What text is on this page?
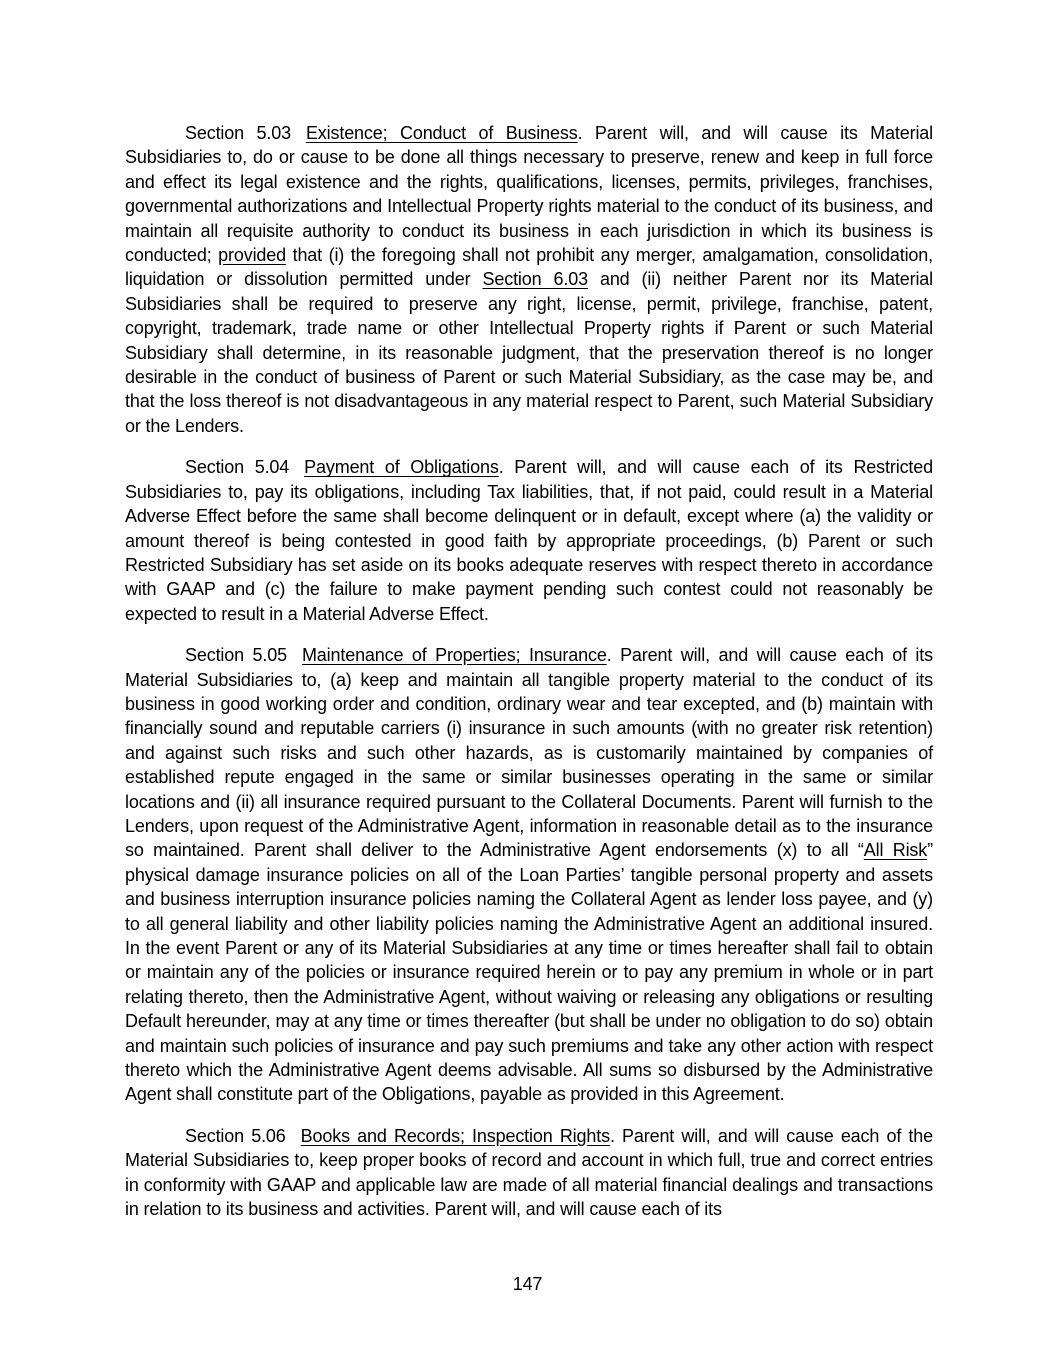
Section 5.03 Existence; Conduct of Business. Parent will, and will cause its Material Subsidiaries to, do or cause to be done all things necessary to preserve, renew and keep in full force and effect its legal existence and the rights, qualifications, licenses, permits, privileges, franchises, governmental authorizations and Intellectual Property rights material to the conduct of its business, and maintain all requisite authority to conduct its business in each jurisdiction in which its business is conducted; provided that (i) the foregoing shall not prohibit any merger, amalgamation, consolidation, liquidation or dissolution permitted under Section 6.03 and (ii) neither Parent nor its Material Subsidiaries shall be required to preserve any right, license, permit, privilege, franchise, patent, copyright, trademark, trade name or other Intellectual Property rights if Parent or such Material Subsidiary shall determine, in its reasonable judgment, that the preservation thereof is no longer desirable in the conduct of business of Parent or such Material Subsidiary, as the case may be, and that the loss thereof is not disadvantageous in any material respect to Parent, such Material Subsidiary or the Lenders.

Section 5.04 Payment of Obligations. Parent will, and will cause each of its Restricted Subsidiaries to, pay its obligations, including Tax liabilities, that, if not paid, could result in a Material Adverse Effect before the same shall become delinquent or in default, except where (a) the validity or amount thereof is being contested in good faith by appropriate proceedings, (b) Parent or such Restricted Subsidiary has set aside on its books adequate reserves with respect thereto in accordance with GAAP and (c) the failure to make payment pending such contest could not reasonably be expected to result in a Material Adverse Effect.

Section 5.05 Maintenance of Properties; Insurance. Parent will, and will cause each of its Material Subsidiaries to, (a) keep and maintain all tangible property material to the conduct of its business in good working order and condition, ordinary wear and tear excepted, and (b) maintain with financially sound and reputable carriers (i) insurance in such amounts (with no greater risk retention) and against such risks and such other hazards, as is customarily maintained by companies of established repute engaged in the same or similar businesses operating in the same or similar locations and (ii) all insurance required pursuant to the Collateral Documents. Parent will furnish to the Lenders, upon request of the Administrative Agent, information in reasonable detail as to the insurance so maintained. Parent shall deliver to the Administrative Agent endorsements (x) to all “All Risk” physical damage insurance policies on all of the Loan Parties’ tangible personal property and assets and business interruption insurance policies naming the Collateral Agent as lender loss payee, and (y) to all general liability and other liability policies naming the Administrative Agent an additional insured. In the event Parent or any of its Material Subsidiaries at any time or times hereafter shall fail to obtain or maintain any of the policies or insurance required herein or to pay any premium in whole or in part relating thereto, then the Administrative Agent, without waiving or releasing any obligations or resulting Default hereunder, may at any time or times thereafter (but shall be under no obligation to do so) obtain and maintain such policies of insurance and pay such premiums and take any other action with respect thereto which the Administrative Agent deems advisable. All sums so disbursed by the Administrative Agent shall constitute part of the Obligations, payable as provided in this Agreement.

Section 5.06 Books and Records; Inspection Rights. Parent will, and will cause each of the Material Subsidiaries to, keep proper books of record and account in which full, true and correct entries in conformity with GAAP and applicable law are made of all material financial dealings and transactions in relation to its business and activities. Parent will, and will cause each of its

147
